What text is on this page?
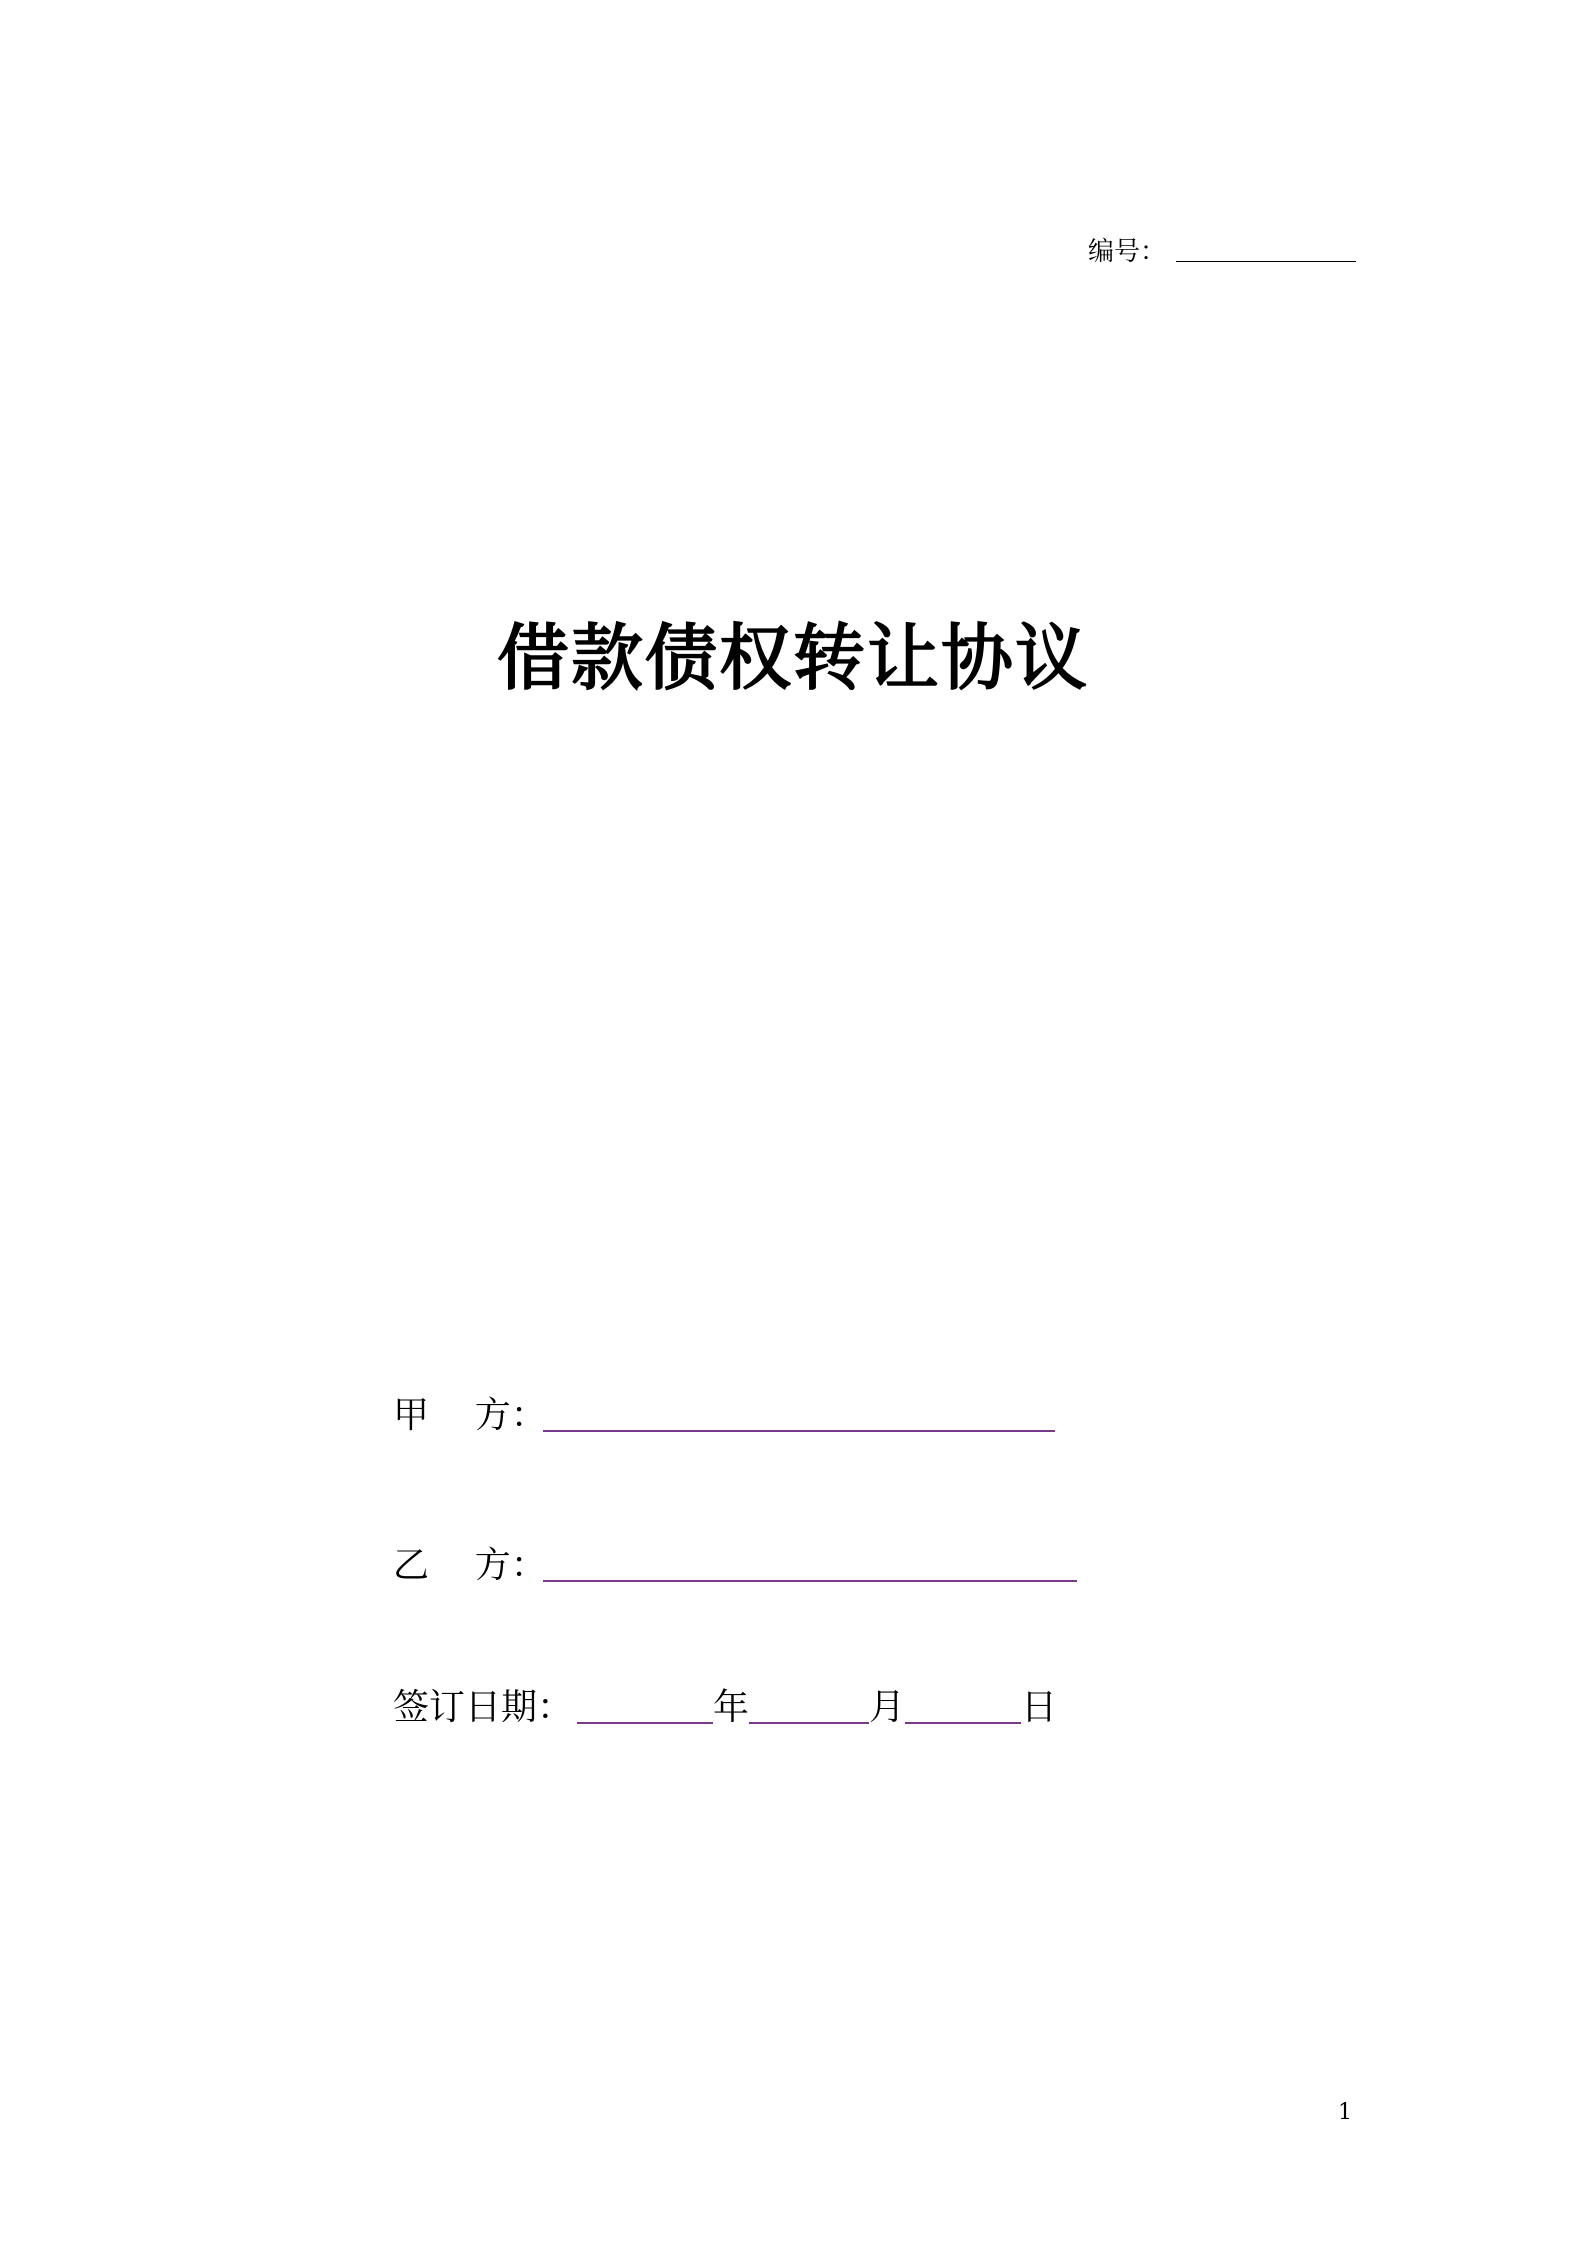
编号：
借款债权转让协议
甲    方：
乙    方：
签订日期：	年	月	日
1
